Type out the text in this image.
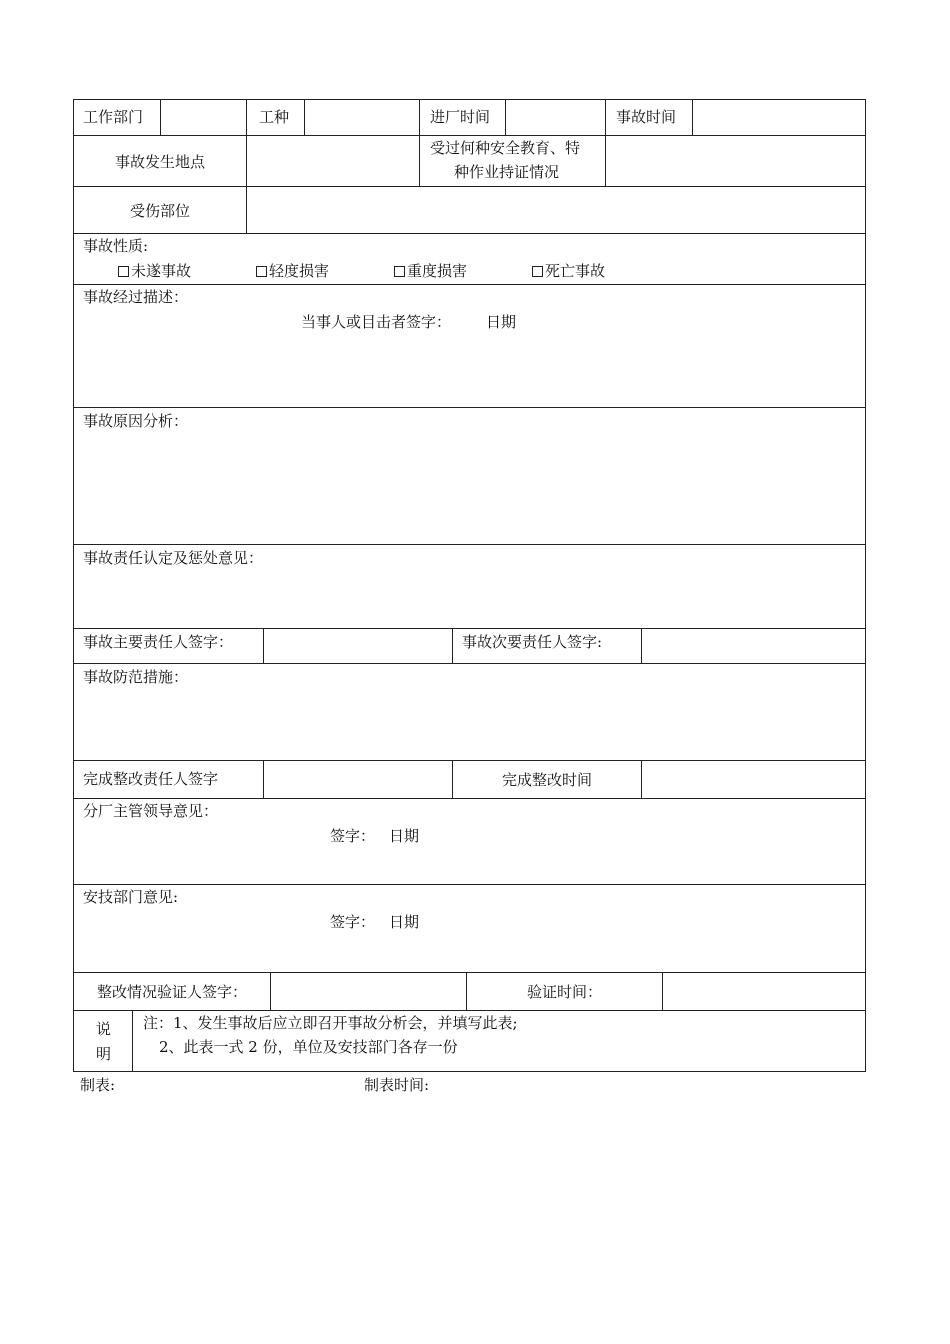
工作部门	工种	进厂时间	事故时间
事故发生地点
受过何种安全教育、特
种作业持证情况
受伤部位
事故性质:
未遂事故	轻度损害	重度损害	死亡事故
事故经过描述：
当事人或目击者签字： 日期
事故原因分析：
事故责任认定及惩处意见：
事故主要责任人签字：	事故次要责任人签字:
事故防范措施：
完成整改责任人签字	完成整改时间
分厂主管领导意见：
签字： 日期
安技部门意见:
签字： 日期
整改情况验证人签字：	验证时间：
说
明
注：1、发生事故后应立即召开事故分析会，并填写此表;
2、此表一式 2 份，单位及安技部门各存一份
制表:	制表时间:
